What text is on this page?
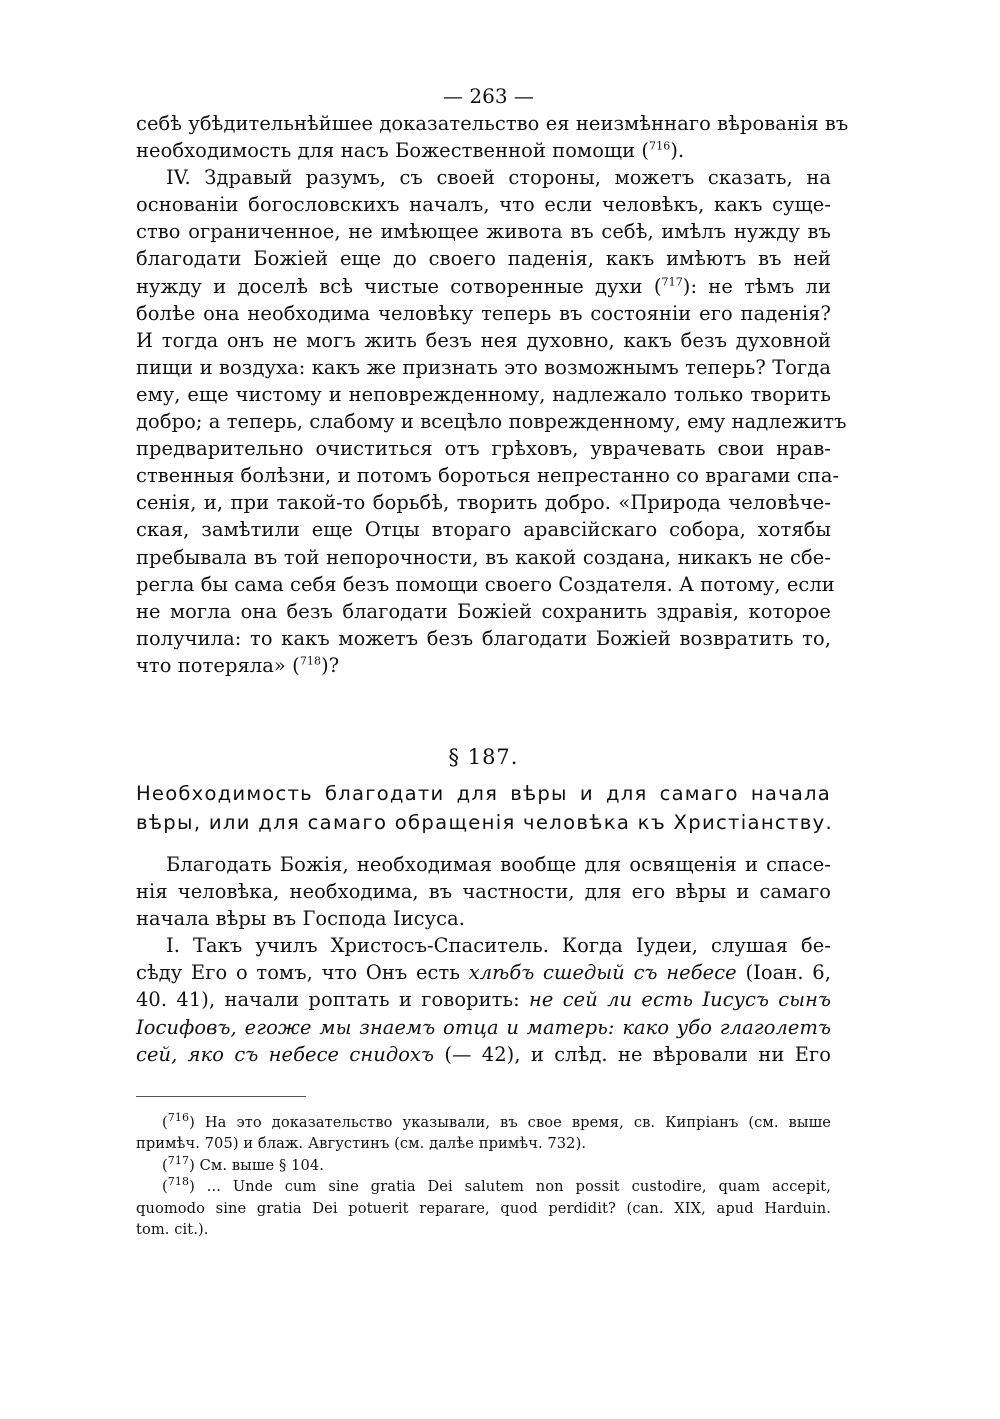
— 263 —
себѣ убѣдительнѣйшее доказательство ея неизмѣннаго вѣрованія въ
необходимость для насъ Божественной помощи ($^{716}$).
IV. Здравый разумъ, съ своей стороны, можетъ сказать, на
основанiи богословскихъ началъ, что если человѣкъ, какъ суще-
ство ограниченное, не имѣющее живота въ себѣ, имѣлъ нужду въ
благодати Божiей еще до своего паденія, какъ имѣютъ въ ней
нужду и доселѣ всѣ чистые сотворенные духи ($^{717}$): не тѣмъ ли
болѣе она необходима человѣку теперь въ состояніи его паденія?
И тогда онъ не могъ жить безъ нея духовно, какъ безъ духовной
пищи и воздуха: какъ же признать это возможнымъ теперь? Тогда
ему, еще чистому и неповрежденному, надлежало только творить
добро; а теперь, слабому и всецѣло поврежденному, ему надлежитъ
предварительно очиститься отъ грѣховъ, уврачевать свои нрав-
ственныя болѣзни, и потомъ бороться непрестанно со врагами спа-
сенія, и, при такой-то борьбѣ, творить добро. «Природа человѣче-
ская, замѣтили еще Отцы втораго аравсійскаго собора, хотябы
пребывала въ той непорочности, въ какой создана, никакъ не сбе-
регла бы сама себя безъ помощи своего Создателя. А потому, если
не могла она безъ благодати Божіей сохранить здравія, которое
получила: то какъ можетъ безъ благодати Божiей возвратить то,
что потеряла» ($^{718}$)?
§ 187.
Необходимость благодати для вѣры и для самаго начала
вѣры, или для самаго обращенія человѣка къ Христіанству.
Благодать Божія, необходимая вообще для освященія и спасе-
нія человѣка, необходима, въ частности, для его вѣры и самаго
начала вѣры въ Господа Іисуса.
I. Такъ училъ Христосъ-Спаситель. Когда Іудеи, слушая бе-
сѣду Его о томъ, что Онъ есть хлѣбъ сшедый съ небесе (Іоан. 6,
40. 41), начали роптать и говорить: не сей ли есть Іисусъ сынъ
Іосифовъ, егоже мы знаемъ отца и матерь: како убо глаголетъ
сей, яко съ небесе снидохъ (— 42), и слѣд. не вѣровали ни Его
($^{716}$) На это доказательство указывали, въ свое время, св. Кипріанъ (см. выше
примѣч. 705) и блаж. Августинъ (см. далѣе примѣч. 732).
($^{717}$) См. выше § 104.
($^{718}$) ... Unde cum sine gratia Dei salutem non possit custodire, quam accepit,
quomodo sine gratia Dei potuerit reparare, quod perdidit? (can. XIX, apud Harduin.
tom. cit.).
